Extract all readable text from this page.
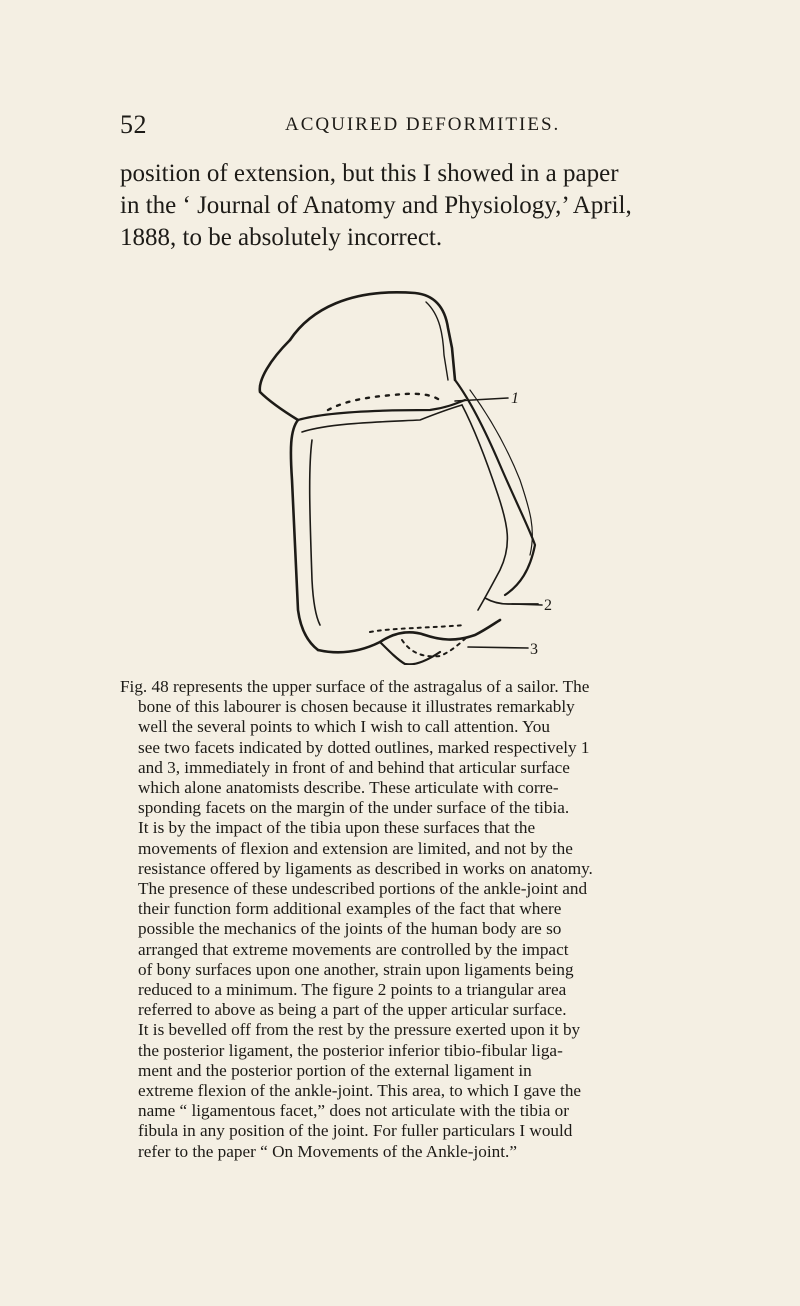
52	ACQUIRED DEFORMITIES.

position of extension, but this I showed in a paper
in the ‘ Journal of Anatomy and Physiology,’ April,
1888, to be absolutely incorrect.

1
2
3

Fig. 48 represents the upper surface of the astragalus of a sailor. The
bone of this labourer is chosen because it illustrates remarkably
well the several points to which I wish to call attention. You
see two facets indicated by dotted outlines, marked respectively 1
and 3, immediately in front of and behind that articular surface
which alone anatomists describe. These articulate with corre-
sponding facets on the margin of the under surface of the tibia.
It is by the impact of the tibia upon these surfaces that the
movements of flexion and extension are limited, and not by the
resistance offered by ligaments as described in works on anatomy.
The presence of these undescribed portions of the ankle-joint and
their function form additional examples of the fact that where
possible the mechanics of the joints of the human body are so
arranged that extreme movements are controlled by the impact
of bony surfaces upon one another, strain upon ligaments being
reduced to a minimum. The figure 2 points to a triangular area
referred to above as being a part of the upper articular surface.
It is bevelled off from the rest by the pressure exerted upon it by
the posterior ligament, the posterior inferior tibio-fibular liga-
ment and the posterior portion of the external ligament in
extreme flexion of the ankle-joint. This area, to which I gave the
name “ ligamentous facet,” does not articulate with the tibia or
fibula in any position of the joint. For fuller particulars I would
refer to the paper “ On Movements of the Ankle-joint.”
